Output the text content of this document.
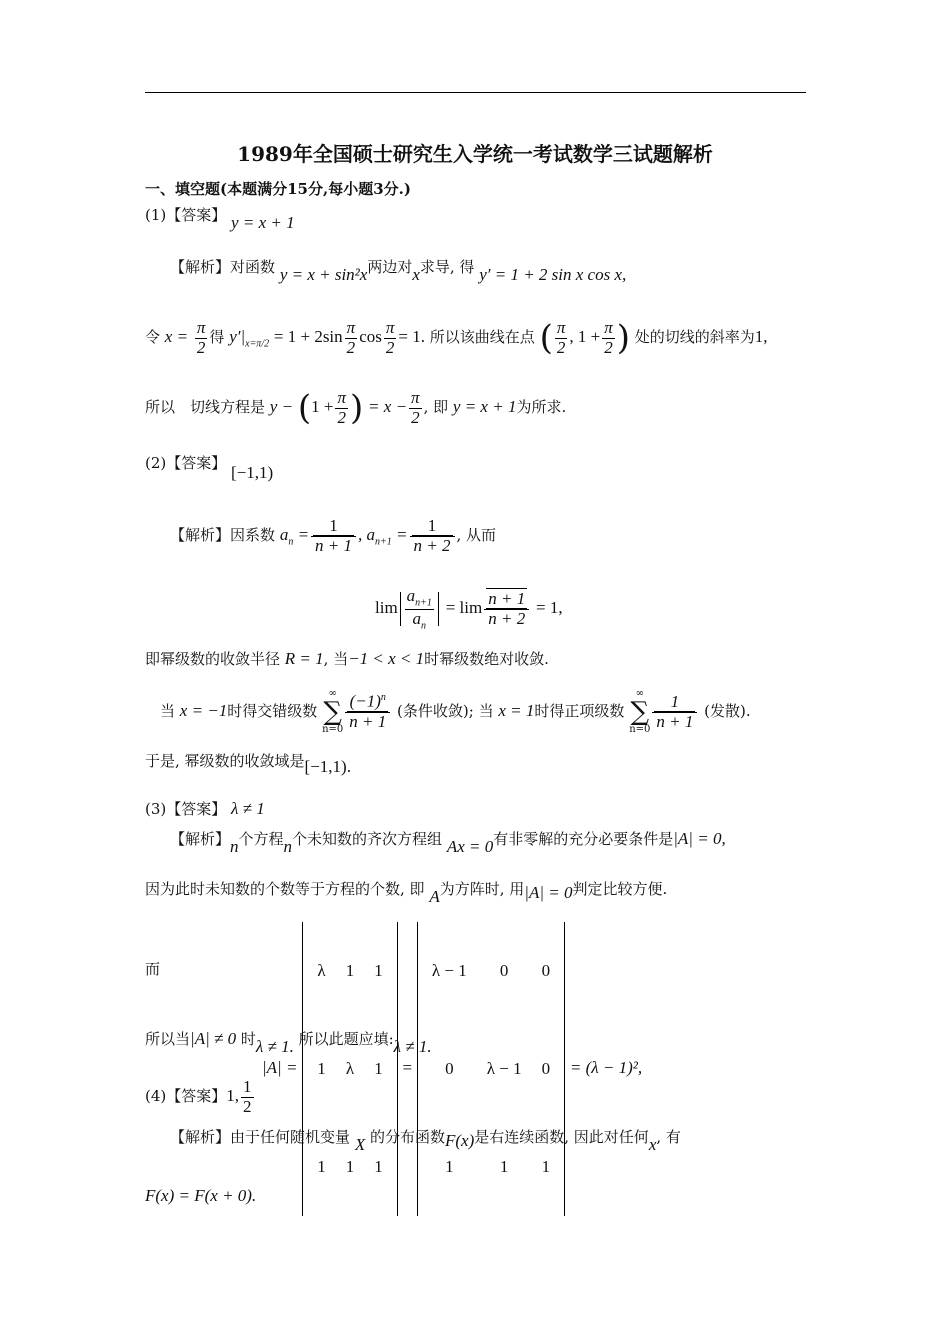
1989年全国硕士研究生入学统一考试数学三试题解析
一、填空题(本题满分15分,每小题3分.)
(1)【答案】 y = x + 1
【解析】对函数 y = x + sin²x两边对x求导, 得 y′ = 1 + 2 sin x cos x,
令 $x = \frac{\pi}{2}$ 得 $y'|_{x=\pi/2} = 1 + 2\sin \frac{\pi}{2}$ $\cos \frac{\pi}{2} = 1$. 所以该曲线在点 ( $\frac{\pi}{2}$ , $1 + \frac{\pi}{2}$ ) 处的切线的斜率为1,
所以　切线方程是 $y - (1 + \frac{\pi}{2}$ ) = $x - \frac{\pi}{2}$ , 即 y = x + 1为所求.
(2)【答案】 [−1,1)
【解析】因系数 $a_n = \frac{1}{n + 1}$ , $a_{n+1} = \frac{1}{n + 2}$ , 从而
$\lim \frac{a_{n+1}}{a_n} = \lim \frac{n + 1}{n + 2} = 1$,
即幂级数的收敛半径 R = 1, 当−1 < x < 1时幂级数绝对收敛.
当 x = −1时得交错级数 ∞
∑
$n=0 \frac{(-1)^n}{n + 1}$ (条件收敛); 当 x = 1时得正项级数 ∞
∑
$n=0 \frac{1}{n + 1}$ (发散).
于是, 幂级数的收敛域是[−1,1).
(3)【答案】 λ ≠ 1
【解析】n个方程n个未知数的齐次方程组 Ax = 0有非零解的充分必要条件是|A| = 0,
因为此时未知数的个数等于方程的个数, 即 A为方阵时, 用|A| = 0判定比较方便.
而
|A| =
λ	1	1
1	λ	1
1	1	1
=
λ − 1	0	0
0	λ − 1	0
1	1	1
= (λ − 1)²,
所以当|A| ≠ 0 时λ ≠ 1. 所以此题应填:λ ≠ 1.
(4)【答案】1, $\frac{1}{2}$
【解析】由于任何随机变量 X 的分布函数F(x)是右连续函数, 因此对任何x, 有
F(x) = F(x + 0).
